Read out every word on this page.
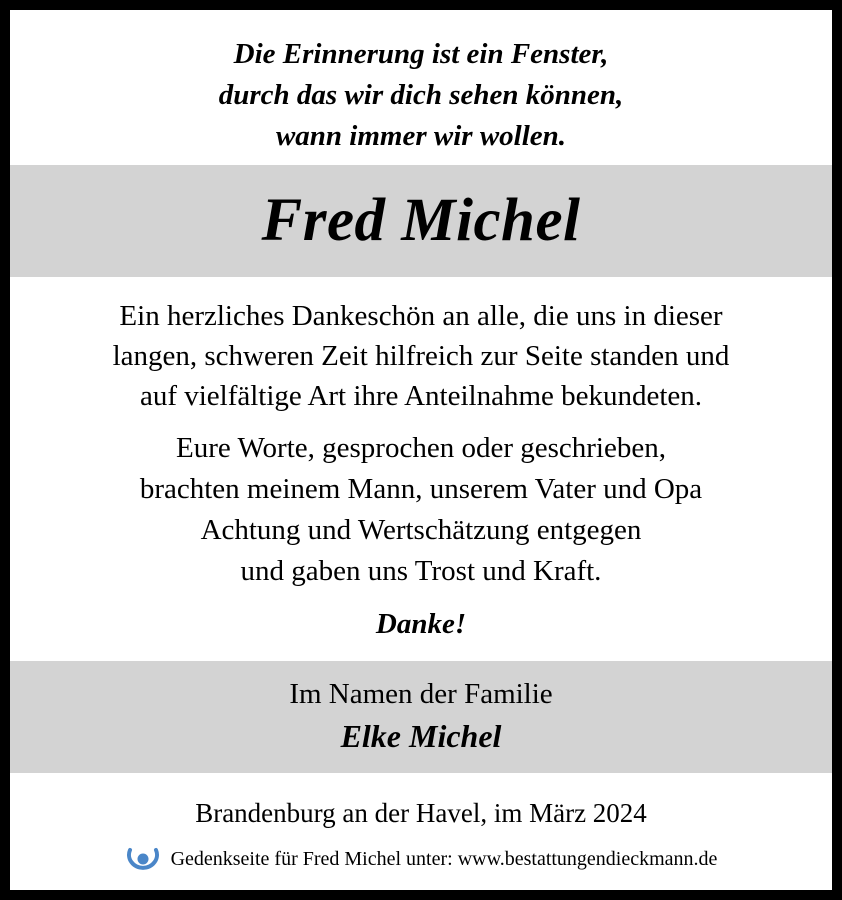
Die Erinnerung ist ein Fenster,
durch das wir dich sehen können,
wann immer wir wollen.
Fred Michel
Ein herzliches Dankeschön an alle, die uns in dieser
langen, schweren Zeit hilfreich zur Seite standen und
auf vielfältige Art ihre Anteilnahme bekundeten.
Eure Worte, gesprochen oder geschrieben,
brachten meinem Mann, unserem Vater und Opa
Achtung und Wertschätzung entgegen
und gaben uns Trost und Kraft.
Danke!
Im Namen der Familie
Elke Michel
Brandenburg an der Havel, im März 2024
Gedenkseite für Fred Michel unter: www.bestattungendieckmann.de
